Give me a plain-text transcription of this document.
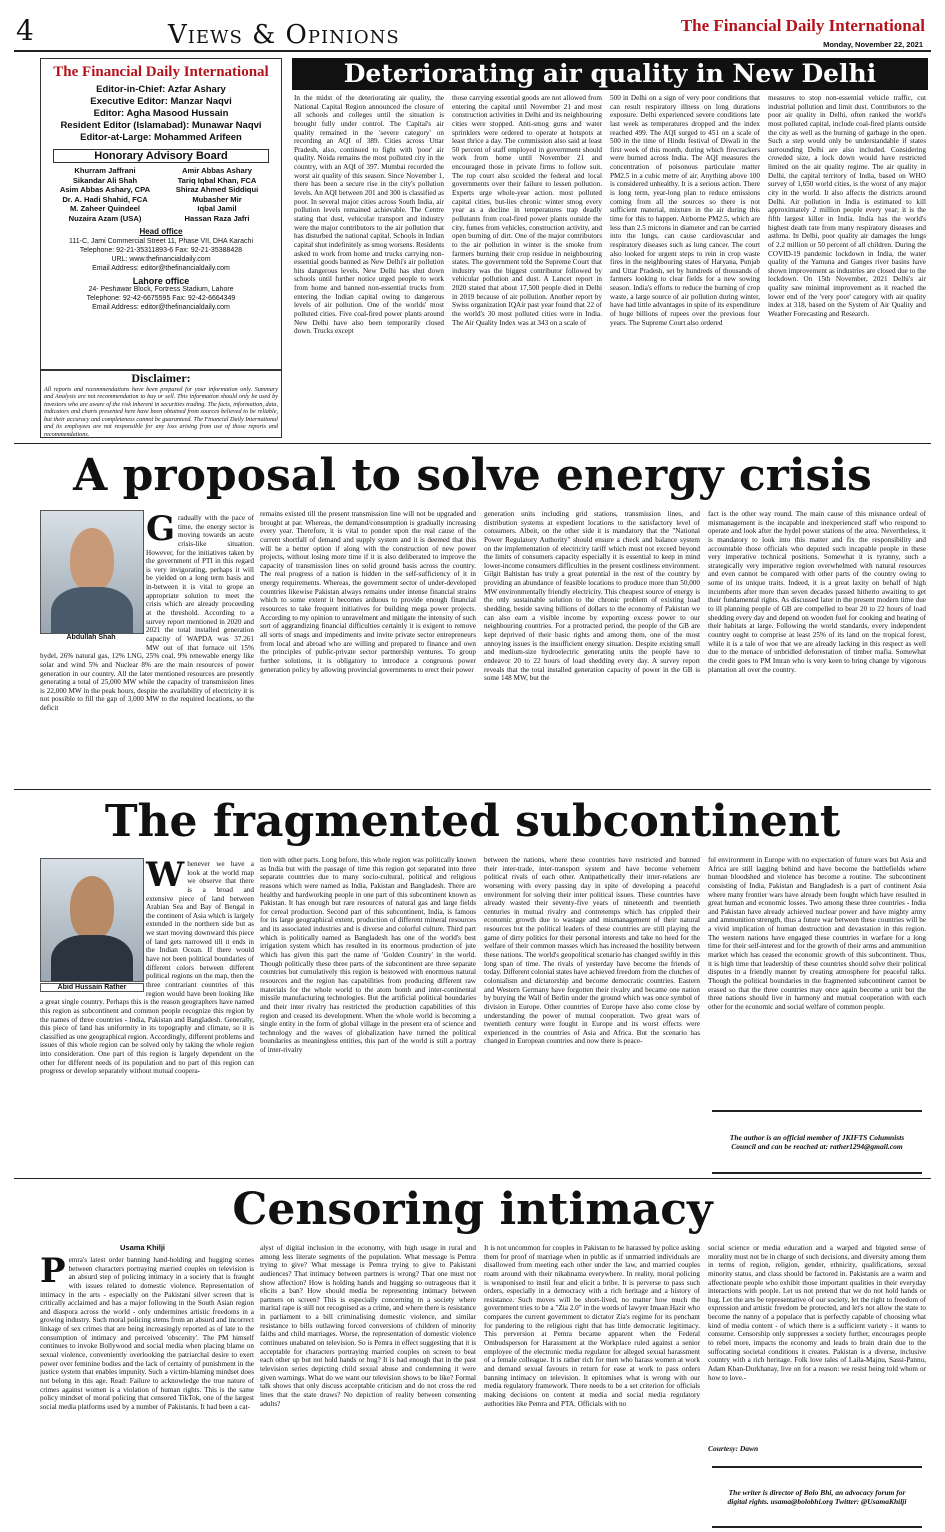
4	Views & Opinions	The Financial Daily International
Monday, November 22, 2021
The Financial Daily International
Editor-in-Chief: Azfar Ashary
Executive Editor: Manzar Naqvi
Editor: Agha Masood Hussain
Resident Editor (Islamabad): Munawar Naqvi
Editor-at-Large: Mohammed Arifeen
Honorary Advisory Board
Khurram Jaffrani
Sikandar Ali Shah
Asim Abbas Ashary, CPA
Dr. A. Hadi Shahid, FCA
M. Zaheer Quindeel
Nuzaira Azam (USA)
Amir Abbas Ashary
Tariq Iqbal Khan, FCA
Shiraz Ahmed Siddiqui
Mubasher Mir
Iqbal Jamil
Hassan Raza Jafri
Head office
111-C, Jami Commercial Street 11, Phase VII, DHA Karachi
Telephone: 92-21-35311893-6 Fax: 92-21-35388428
URL: www.thefinancialdaily.com
Email Address: editor@thefinancialdaily.com
Lahore office
24- Peshawar Block, Fortress Stadium, Lahore
Telephone: 92-42-6675595 Fax: 92-42-6664349
Email Address: editor@thefinancialdaily.com
Disclaimer:

All reports and recommendations have been prepared for your information only. Summary and Analysis are not recommendation to buy or sell. This information should only be used by investors who are aware of the risk inherent in securities trading. The facts, information, data, indicators and charts presented here have been obtained from sources believed to be reliable, but their accuracy and completeness cannot be guaranteed. The Financial Daily International and its employees are not responsible for any loss arising from use of those reports and recommendations.

Deteriorating air quality in New Delhi

In the midst of the deteriorating air quality, the National Capital Region announced the closure of all schools and colleges until the situation is brought fully under control. The Capital's air quality remained in the 'severe category' on recording an AQI of 389. Cities across Uttar Pradesh, also, continued to fight with 'poor' air quality. Noida remains the most polluted city in the country, with an AQI of 397. Mumbai recorded the worst air quality of this season. Since November 1, there has been a secure rise in the city's pollution levels. An AQI between 201 and 300 is classified as poor. In several major cities across South India, air pollution levels remained achievable. The Centre stating that dust, vehicular transport and industry were the major contributors to the air pollution that has disturbed the national capital. Schools in Indian capital shut indefinitely as smog worsens. Residents asked to work from home and trucks carrying non-essential goods banned as New Delhi's air pollution hits dangerous levels. New Delhi has shut down schools until further notice urged people to work from home and banned non-essential trucks from entering the Indian capital owing to dangerous levels of air pollution. One of the worlds' most polluted cities. Five coal-fired power plants around New Delhi have also been temporarily closed down. Trucks except

those carrying essential goods are not allowed from entering the capital until November 21 and most construction activities in Delhi and its neighbouring cities were stopped. Anti-smog guns and water sprinklers were ordered to operate at hotspots at least thrice a day. The commission also said at least 50 percent of staff employed in government should work from home until November 21 and encouraged those in private firms to follow suit. The top court also scolded the federal and local governments over their failure to lessen pollution. Experts urge whole-year action. most polluted capital cities, but-lies chronic winter smog every year as a decline in temperatures trap deadly pollutants from coal-fired power plants outside the city, fumes from vehicles, construction activity, and open burning of dirt. One of the major contributors to the air pollution in winter is the smoke from farmers burning their crop residue in neighbouring states. The government told the Supreme Court that industry was the biggest contributor followed by vehicular pollution and dust. A Lancet report in 2020 stated that about 17,500 people died in Delhi in 2019 because of air pollution. Another report by Swiss organization IQAir past year found that 22 of the world's 30 most polluted cities were in India. The Air Quality Index was at 343 on a scale of

500 in Delhi on a sign of very poor conditions that can result respiratory illness on long durations exposure. Delhi experienced severe conditions late last week as temperatures dropped and the index reached 499. The AQI surged to 451 on a scale of 500 in the time of Hindu festival of Diwali in the first week of this month, during which firecrackers were burned across India. The AQI measures the concentration of poisonous particulate matter PM2.5 in a cubic metre of air. Anything above 100 is considered unhealthy. It is a serious action. There is long term, year-long plan to reduce emissions coming from all the sources so there is not sufficient material, mixture in the air during this time for this to happen. Airborne PM2.5, which are less than 2.5 microns in diameter and can be carried into the lungs, can cause cardiovascular and respiratory diseases such as lung cancer. The court also looked for urgent steps to rein in crop waste fires in the neighbouring states of Haryana, Punjab and Uttar Pradesh, set by hundreds of thousands of farmers looking to clear fields for a new sowing season. India's efforts to reduce the burning of crop waste, a large source of air pollution during winter, have had little advantages in spite of its expenditure of huge billions of rupees over the previous four years. The Supreme Court also ordered

measures to stop non-essential vehicle traffic, cut industrial pollution and limit dust. Contributors to the poor air quality in Delhi, often ranked the world's most polluted capital, include coal-fired plants outside the city as well as the burning of garbage in the open. Such a step would only be understandable if states surrounding Delhi are also included. Considering crowded size, a lock down would have restricted limited on the air quality regime. The air quality in Delhi, the capital territory of India, based on WHO survey of 1,650 world cities, is the worst of any major city in the world. It also affects the districts around Delhi. Air pollution in India is estimated to kill approximately 2 million people every year; it is the fifth largest killer in India. India has the world's highest death rate from many respiratory diseases and asthma. In Delhi, poor quality air damages the lungs of 2.2 million or 50 percent of all children. During the COVID-19 pandemic lockdown in India, the water quality of the Yamuna and Ganges river basins have shown improvement as industries are closed due to the lockdown. On 15th November, 2021 Delhi's air quality saw minimal improvement as it reached the lower end of the 'very poor' category with air quality index at 318, based on the System of Air Quality and Weather Forecasting and Research.

A proposal to solve energy crisis
Abdullah Shah
G radually with the pace of time, the energy sector is moving towards an acute crisis-like situation. However, for the initiatives taken by the government of PTI in this regard is very invigorating, perhaps it will be yielded on a long term basis and in-between it is vital to grope an appropriate solution to meet the crisis which are already proceeding at the threshold. According to a survey report mentioned in 2020 and 2021 the total installed generation capacity of WAPDA was 37.261 MW out of that furnace oil 15% hydel, 26% natural gas, 12% LNG, 25% coal, 9% renewable energy like solar and wind 5% and Nuclear 8% are the main resources of power generation in our country. All the later mentioned resources are presently generating a total of 25,000 MW while the capacity of transmission lines is 22,000 MW in the peak hours, despite the availability of electricity it is not possible to fill the gap of 3,000 MW to the required locations, so the deficit

remains existed till the present transmission line will not be upgraded and brought at par. Whereas, the demand/consumption is gradually increasing every year. Therefore, it is vital to ponder upon the real cause of the current shortfall of demand and supply system and it is deemed that this will be a better option if along with the construction of new power projects, without losing more time if it is also deliberated to improve the capacity of transmission lines on solid ground basis across the country. The real progress of a nation is hidden in the self-sufficiency of it in energy requirements. Whereas, the government sector of under-developed countries likewise Pakistan always remains under intense financial strains which to some extent it becomes arduous to provide enough financial resources to take frequent initiatives for building mega power projects. According to my opinion to unravelment and mitigate the intensity of such sort of aggrandizing financial difficulties certainly it is exigent to remove all sorts of snags and impediments and invite private sector entrepreneurs from local and abroad who are willing and prepared to finance and own the principles of public-private sector partnership ventures. To group further solutions, it is obligatory to introduce a congruous power generation policy by allowing provincial governments to erect their power

generation units including grid stations, transmission lines, and distribution systems at expedient locations to the satisfactory level of consumers. Albeit, on the other side it is mandatory that the "National Power Regulatory Authority" should ensure a check and balance system on the implementation of electricity tariff which must not exceed beyond the limits of consumers capacity especially it is essential to keep in mind lower-income consumers difficulties in the present costliness environment. Gilgit Baltistan has truly a great potential in the rest of the country by providing an abundance of feasible locations to produce more than 50,000 MW environmentally friendly electricity. This cheapest source of energy is the only sustainable solution to the chronic problem of existing load shedding, beside saving billions of dollars to the economy of Pakistan we can also earn a visible income by exporting excess power to our neighbouring countries. For a protracted period, the people of the GB are kept deprived of their basic rights and among them, one of the most annoying issues is the insufficient energy situation. Despite existing small and medium-size hydroelectric generating units the people have to endeavor 20 to 22 hours of load shedding every day. A survey report reveals that the total installed generation capacity of power in the GB is some 148 MW, but the

fact is the other way round. The main cause of this misnance ordeal of mismanagement is the incapable and inexperienced staff who respond to operate and look after the hydel power stations of the area. Nevertheless, it is mandatory to look into this matter and fix the responsibility and accountable those officials who deputed such incapable people in these very imperative technical positions. Somewhat it is tyranny, such a strategically very imperative region overwhelmed with natural resources and even cannot be compared with other parts of the country owing to some of its unique traits. Indeed, it is a great laxity on behalf of high incumbents after more than seven decades passed hitherto awaiting to get their fundamental rights. As discussed later in the present modern time due to ill planning people of GB are compelled to bear 20 to 22 hours of load shedding every day and depend on wooden fuel for cooking and heating of their habitats at large. Following the world standards, every independent country ought to comprise at least 25% of its land on the tropical forest, while it is a tale of woe that we are already lacking in this respect as well due to the menace of unbridled deforestation of timber mafia. Somewhat the credit goes to PM Imran who is very keen to bring change by vigorous plantation all over the country.

The fragmented subcontinent
Abid Hussain Rather
W henever we have a look at the world map we observe that there is a broad and extensive piece of land between Arabian Sea and Bay of Bengal in the continent of Asia which is largely extended in the northern side but as we start moving downward this piece of land gets narrowed till it ends in the Indian Ocean. If there would have not been political boundaries of different colors between different political regions on the map, then the three contrariant countries of this region would have been looking like a great single country. Perhaps this is the reason geographers have named this region as subcontinent and common people recognize this region by the names of three countries - India, Pakistan and Bangladesh. Generally, this piece of land has uniformity in its topography and climate, so it is classified as one geographical region. Accordingly, different problems and issues of this whole region can be solved only by taking the whole region into consideration. One part of this region is largely dependent on the other for different needs of its population and no part of this region can progress or develop separately without mutual coopera-

tion with other parts. Long before, this whole region was politically known as India but with the passage of time this region got separated into three separate countries due to many socio-cultural, political and religious reasons which were named as India, Pakistan and Bangladesh. There are healthy and hardworking people in one part of this subcontinent known as Pakistan. It has enough but rare resources of natural gas and large fields for cereal production. Second part of this subcontinent, India, is famous for its large geographical extent, production of different mineral resources and its associated industries and is diverse and colorful culture. Third part which is politically named as Bangladesh has one of the world's best irrigation system which has resulted in its enormous production of jute which has given this part the name of 'Golden Country' in the world. Though politically these three parts of the subcontinent are three separate countries but cumulatively this region is bestowed with enormous natural resources and the region has capabilities from producing different raw materials for the whole world to the atom bomb and inter-continental missile manufacturing technologies. But the artificial political boundaries and their inter rivalry has restricted the production capabilities of this region and ceased its development. When the whole world is becoming a single entity in the form of global village in the present era of science and technology and the waves of globalization have turned the political boundaries as meaningless entities, this part of the world is still a portray of inter-rivalry

between the nations, where these countries have restricted and banned their inter-trade, inter-transport system and have become vehement political rivals of each other. Antipathetically their inter-relations are worsening with every passing day in spite of developing a peaceful environment for solving their inter political issues. These countries have already wasted their seventy-five years of nineteenth and twentieth centuries in mutual rivalry and contretemps which has crippled their economic growth due to wastage and mismanagement of their natural resources but the political leaders of these countries are still playing the game of dirty politics for their personal interests and take no heed for the welfare of their common masses which has increased the hostility between these nations. The world's geopolitical scenario has changed swiftly in this long span of time. The rivals of yesterday have become the friends of today. Different colonial states have achieved freedom from the clutches of colonialism and dictatorship and become democratic countries. Eastern and Western Germany have forgotten their rivalry and became one nation by burying the Wall of Berlin under the ground which was once symbol of division in Europe. Other countries of Europe have also come close by understanding the power of mutual cooperation. Two great wars of twentieth century were fought in Europe and its worst effects were experienced in the countries of Asia and Africa. But the scenario has changed in European countries and now there is peace-

ful environment in Europe with no expectation of future wars but Asia and Africa are still lagging behind and have become the battlefields where human bloodshed and violence has become a routine. The subcontinent consisting of India, Pakistan and Bangladesh is a part of continent Asia where many frontier wars have already been fought which have resulted in great human and economic losses. Two among these three countries - India and Pakistan have already achieved nuclear power and have mighty army and ammunition strength, thus a future war between these countries will be a vivid implication of human destruction and devastation in this region. The western nations have engaged these countries in warfare for a long time for their self-interest and for the growth of their arms and ammunition market which has ceased the economic growth of this subcontinent. Thus, it is high time that leadership of these countries should solve their political disputes in a friendly manner by creating atmosphere for peaceful talks. Though the political boundaries in the fragmented subcontinent cannot be erased so that the three countries may once again become a unit but the three nations should live in harmony and mutual cooperation with each other for the economic and social welfare of common people.

The author is an official member of JKIFTS Columnists Council and can be reached at: rather1294@gmail.com
Censoring intimacy
Usama Khilji
P emra's latest order banning hand-holding and hugging scenes between characters portraying married couples on television is an absurd step of policing intimacy in a society that is fraught with issues related to domestic violence. Representation of intimacy in the arts - especially on the Pakistani silver screen that is critically acclaimed and has a major following in the South Asian region and diaspora across the world - only undermines artistic freedoms in a growing industry. Such moral policing stems from an absurd and incorrect linkage of sex crimes that are being increasingly reported as of late to the consumption of intimacy and perceived 'obscenity'. The PM himself continues to invoke Bollywood and social media when placing blame on sexual violence, conveniently overlooking the patriarchal desire to exert power over feminine bodies and the lack of certainty of punishment in the justice system that enables impunity. Such a victim-blaming mindset does not belong in this age. Read: Failure to acknowledge the true nature of crimes against women is a violation of human rights. This is the same policy mindset of moral policing that censored TikTok, one of the largest social media platforms used by a number of Pakistanis. It had been a cat-

alyst of digital inclusion in the economy, with high usage in rural and among less literate segments of the population. What message is Pemra trying to give? What message is Pemra trying to give to Pakistani audiences? That intimacy between partners is wrong? That one must not show affection? How is holding hands and hugging so outrageous that it elicits a ban? How should media be representing intimacy between partners on screen? This is especially concerning in a society where marital rape is still not recognised as a crime, and where there is resistance in parliament to a bill criminalising domestic violence, and similar resistance to bills outlawing forced conversions of children of minority faiths and child marriages. Worse, the representation of domestic violence continues unabated on television. So is Pemra in effect suggesting that it is acceptable for characters portraying married couples on screen to beat each other up but not hold hands or hug? It is bad enough that in the past television series depicting child sexual abuse and condemning it were given warnings. What do we want our television shows to be like? Formal talk shows that only discuss acceptable criticism and do not cross the red lines that the state draws? No depiction of reality between consenting adults?

It is not uncommon for couples in Pakistan to be harassed by police asking them for proof of marriage when in public as if unmarried individuals are disallowed from meeting each other under the law, and married couples roam around with their nikahnama everywhere. In reality, moral policing is weaponised to instil fear and elicit a bribe. It is perverse to pass such orders, especially in a democracy with a rich heritage and a history of resistance. Such moves will be short-lived, no matter how much the government tries to be a "Zia 2.0" in the words of lawyer Imaan Hazir who compares the current government to dictator Zia's regime for its penchant for pandering to the religious right that has little democratic legitimacy. This perversion at Pemra became apparent when the Federal Ombudsperson for Harassment at the Workplace ruled against a senior employee of the electronic media regulator for alleged sexual harassment of a female colleague. It is rather rich for men who harass women at work and demand sexual favours in return for ease at work to pass orders banning intimacy on television. It epitomises what is wrong with our media regulatory framework. There needs to be a set criterion for officials making decisions on content at media and social media regulatory authorities like Pemra and PTA. Officials with no

social science or media education and a warped and bigoted sense of morality must not be in charge of such decisions, and diversity among them in terms of region, religion, gender, ethnicity, qualifications, sexual minority status, and class should be factored in. Pakistanis are a warm and affectionate people who exhibit those important qualities in their everyday interactions with people. Let us not pretend that we do not hold hands or hug. Let the arts be representative of our society, let the right to freedom of expression and artistic freedom be protected, and let's not allow the state to become the nanny of a populace that is perfectly capable of choosing what kind of media content - of which there is a sufficient variety - it wants to consume. Censorship only suppresses a society further, encourages people to rebel more, impacts the economy and leads to brain drain due to the suffocating societal conditions it creates. Pakistan is a diverse, inclusive country with a rich heritage. Folk love tales of Laila-Majnu, Sassi-Pannu, Adam Khan-Durkhanay, live on for a reason: we resist being told whom or how to love.-

Courtesy: Dawn
The writer is director of Bolo Bhi, an advocacy forum for digital rights. usama@bolobhi.org Twitter: @UsamaKhilji
